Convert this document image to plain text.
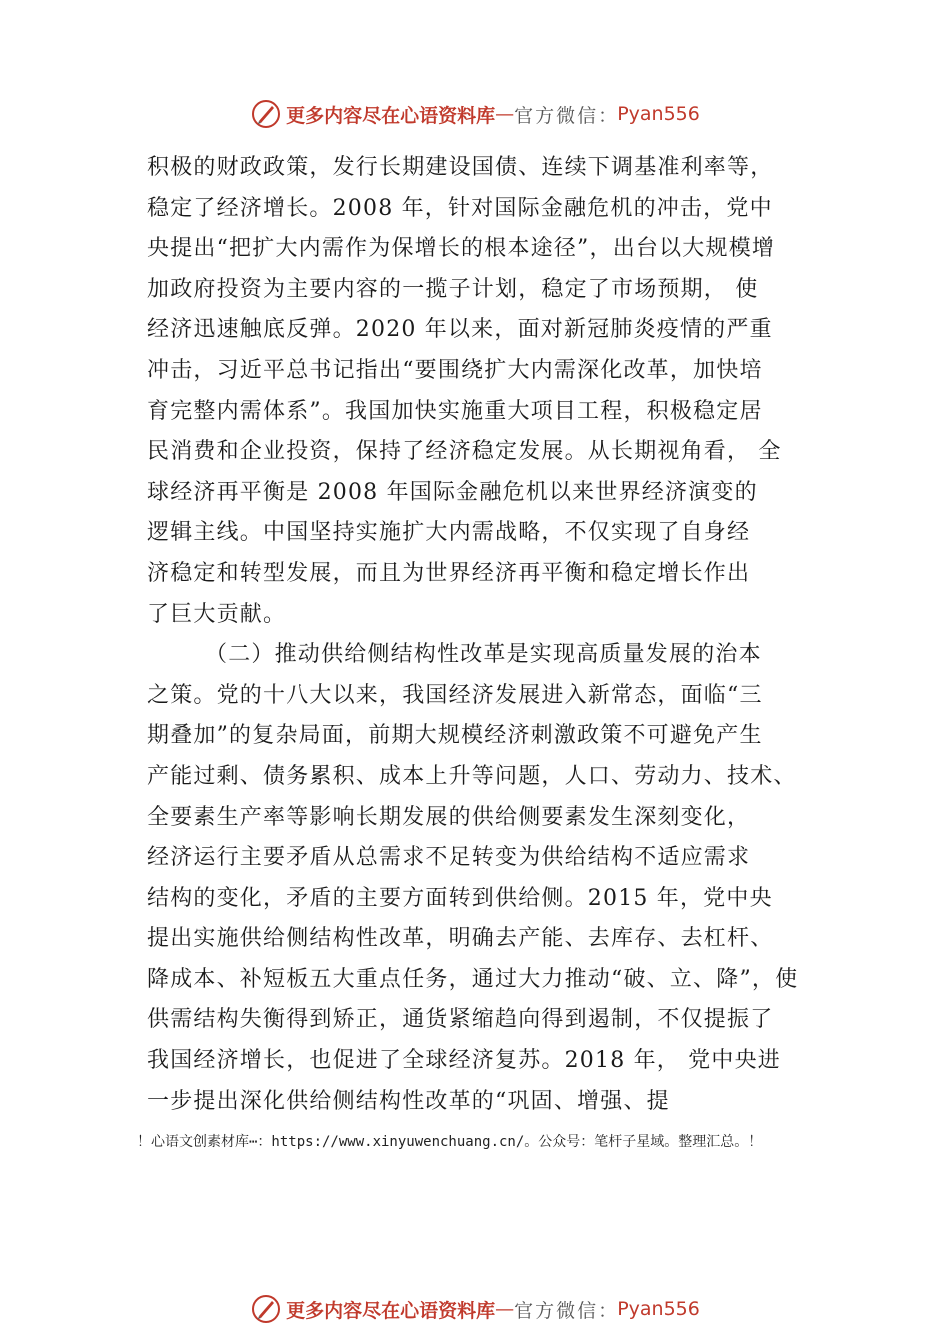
更多内容尽在心语资料库 — 官方微信 ： Pyan556
积极的财政政策，发行长期建设国债、连续下调基准利率等，
稳定了经济增长。2008 年，针对国际金融危机的冲击，党中
央提出“把扩大内需作为保增长的根本途径”，出台以大规模增
加政府投资为主要内容的一揽子计划，稳定了市场预期， 使
经济迅速触底反弹。2020 年以来，面对新冠肺炎疫情的严重
冲击，习近平总书记指出“要围绕扩大内需深化改革，加快培
育完整内需体系”。我国加快实施重大项目工程，积极稳定居
民消费和企业投资，保持了经济稳定发展。从长期视角看， 全
球经济再平衡是 2008 年国际金融危机以来世界经济演变的
逻辑主线。中国坚持实施扩大内需战略，不仅实现了自身经
济稳定和转型发展，而且为世界经济再平衡和稳定增长作出
了巨大贡献。
（二）推动供给侧结构性改革是实现高质量发展的治本
之策。党的十八大以来，我国经济发展进入新常态，面临“三
期叠加”的复杂局面，前期大规模经济刺激政策不可避免产生
产能过剩、债务累积、成本上升等问题，人口、劳动力、技术、
全要素生产率等影响长期发展的供给侧要素发生深刻变化，
经济运行主要矛盾从总需求不足转变为供给结构不适应需求
结构的变化，矛盾的主要方面转到供给侧。2015 年，党中央
提出实施供给侧结构性改革，明确去产能、去库存、去杠杆、
降成本、补短板五大重点任务，通过大力推动“破、立、降”，使
供需结构失衡得到矫正，通货紧缩趋向得到遏制，不仅提振了
我国经济增长，也促进了全球经济复苏。2018 年， 党中央进
一步提出深化供给侧结构性改革的“巩固、增强、提
！心语文创素材库⋯：https://www.xinyuwenchuang.cn/。公众号：笔杆子星域。整理汇总。！
更多内容尽在心语资料库 — 官方微信 ： Pyan556
